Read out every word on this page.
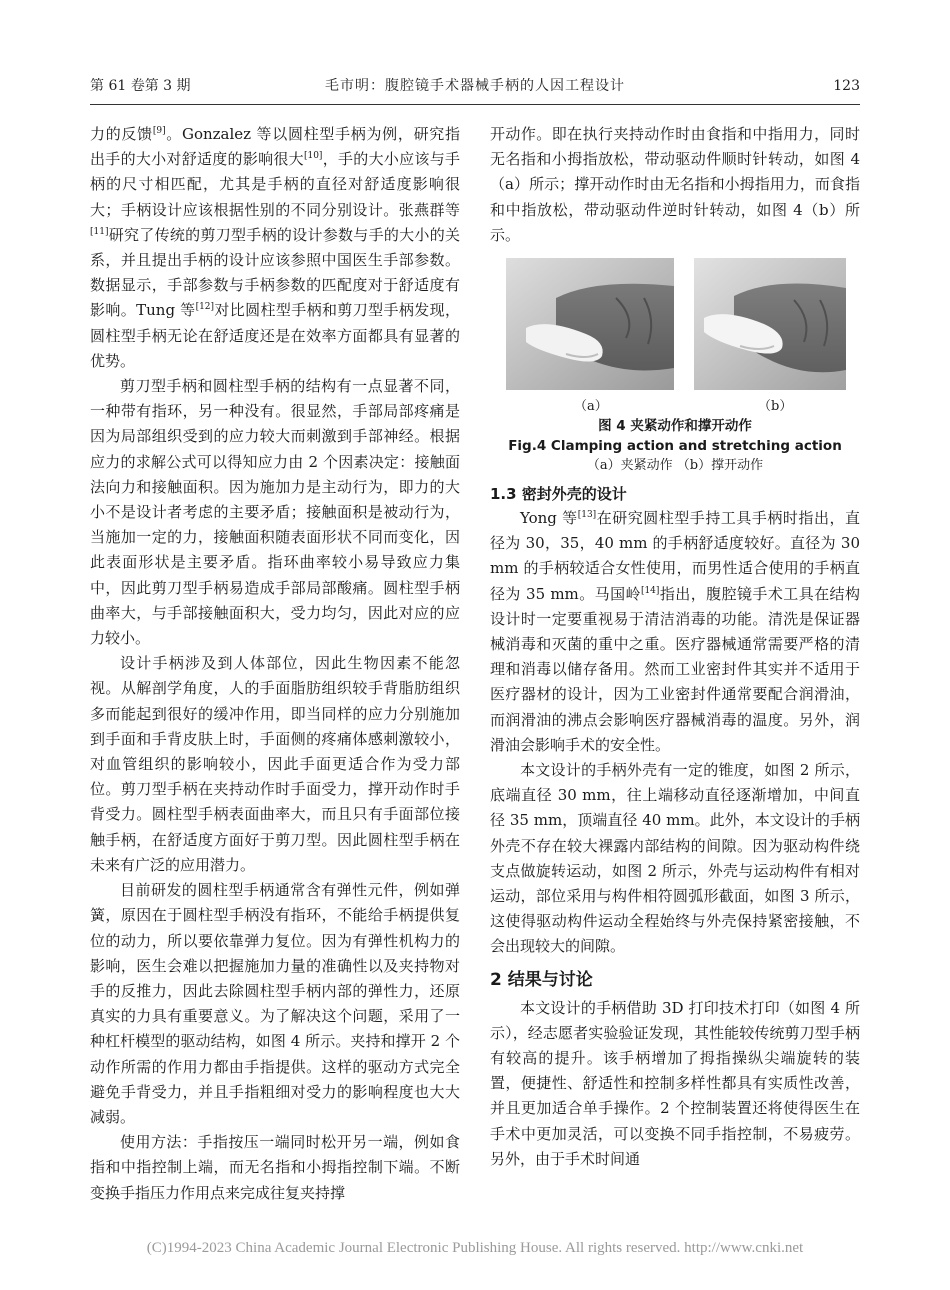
第 61 卷第 3 期	毛市明：腹腔镜手术器械手柄的人因工程设计	123

力的反馈[9]。Gonzalez 等以圆柱型手柄为例，研究指出手的大小对舒适度的影响很大[10]，手的大小应该与手柄的尺寸相匹配，尤其是手柄的直径对舒适度影响很大；手柄设计应该根据性别的不同分别设计。张燕群等[11]研究了传统的剪刀型手柄的设计参数与手的大小的关系，并且提出手柄的设计应该参照中国医生手部参数。数据显示，手部参数与手柄参数的匹配度对于舒适度有影响。Tung 等[12]对比圆柱型手柄和剪刀型手柄发现，圆柱型手柄无论在舒适度还是在效率方面都具有显著的优势。

剪刀型手柄和圆柱型手柄的结构有一点显著不同，一种带有指环，另一种没有。很显然，手部局部疼痛是因为局部组织受到的应力较大而刺激到手部神经。根据应力的求解公式可以得知应力由 2 个因素决定：接触面法向力和接触面积。因为施加力是主动行为，即力的大小不是设计者考虑的主要矛盾；接触面积是被动行为，当施加一定的力，接触面积随表面形状不同而变化，因此表面形状是主要矛盾。指环曲率较小易导致应力集中，因此剪刀型手柄易造成手部局部酸痛。圆柱型手柄曲率大，与手部接触面积大，受力均匀，因此对应的应力较小。

设计手柄涉及到人体部位，因此生物因素不能忽视。从解剖学角度，人的手面脂肪组织较手背脂肪组织多而能起到很好的缓冲作用，即当同样的应力分别施加到手面和手背皮肤上时，手面侧的疼痛体感刺激较小，对血管组织的影响较小，因此手面更适合作为受力部位。剪刀型手柄在夹持动作时手面受力，撑开动作时手背受力。圆柱型手柄表面曲率大，而且只有手面部位接触手柄，在舒适度方面好于剪刀型。因此圆柱型手柄在未来有广泛的应用潜力。

目前研发的圆柱型手柄通常含有弹性元件，例如弹簧，原因在于圆柱型手柄没有指环，不能给手柄提供复位的动力，所以要依靠弹力复位。因为有弹性机构力的影响，医生会难以把握施加力量的准确性以及夹持物对手的反推力，因此去除圆柱型手柄内部的弹性力，还原真实的力具有重要意义。为了解决这个问题，采用了一种杠杆模型的驱动结构，如图 4 所示。夹持和撑开 2 个动作所需的作用力都由手指提供。这样的驱动方式完全避免手背受力，并且手指粗细对受力的影响程度也大大减弱。

使用方法：手指按压一端同时松开另一端，例如食指和中指控制上端，而无名指和小拇指控制下端。不断变换手指压力作用点来完成往复夹持撑

开动作。即在执行夹持动作时由食指和中指用力，同时无名指和小拇指放松，带动驱动件顺时针转动，如图 4（a）所示；撑开动作时由无名指和小拇指用力，而食指和中指放松，带动驱动件逆时针转动，如图 4（b）所示。

（a）	（b）
图 4 夹紧动作和撑开动作
Fig.4 Clamping action and stretching action
（a）夹紧动作 （b）撑开动作
1.3 密封外壳的设计

Yong 等[13]在研究圆柱型手持工具手柄时指出，直径为 30，35，40 mm 的手柄舒适度较好。直径为 30 mm 的手柄较适合女性使用，而男性适合使用的手柄直径为 35 mm。马国岭[14]指出，腹腔镜手术工具在结构设计时一定要重视易于清洁消毒的功能。清洗是保证器械消毒和灭菌的重中之重。医疗器械通常需要严格的清理和消毒以储存备用。然而工业密封件其实并不适用于医疗器材的设计，因为工业密封件通常要配合润滑油，而润滑油的沸点会影响医疗器械消毒的温度。另外，润滑油会影响手术的安全性。

本文设计的手柄外壳有一定的锥度，如图 2 所示，底端直径 30 mm，往上端移动直径逐渐增加，中间直径 35 mm，顶端直径 40 mm。此外，本文设计的手柄外壳不存在较大裸露内部结构的间隙。因为驱动构件绕支点做旋转运动，如图 2 所示，外壳与运动构件有相对运动，部位采用与构件相符圆弧形截面，如图 3 所示，这使得驱动构件运动全程始终与外壳保持紧密接触，不会出现较大的间隙。

2 结果与讨论

本文设计的手柄借助 3D 打印技术打印（如图 4 所示），经志愿者实验验证发现，其性能较传统剪刀型手柄有较高的提升。该手柄增加了拇指操纵尖端旋转的装置，便捷性、舒适性和控制多样性都具有实质性改善，并且更加适合单手操作。2 个控制装置还将使得医生在手术中更加灵活，可以变换不同手指控制，不易疲劳。另外，由于手术时间通

(C)1994-2023 China Academic Journal Electronic Publishing House. All rights reserved. http://www.cnki.net
